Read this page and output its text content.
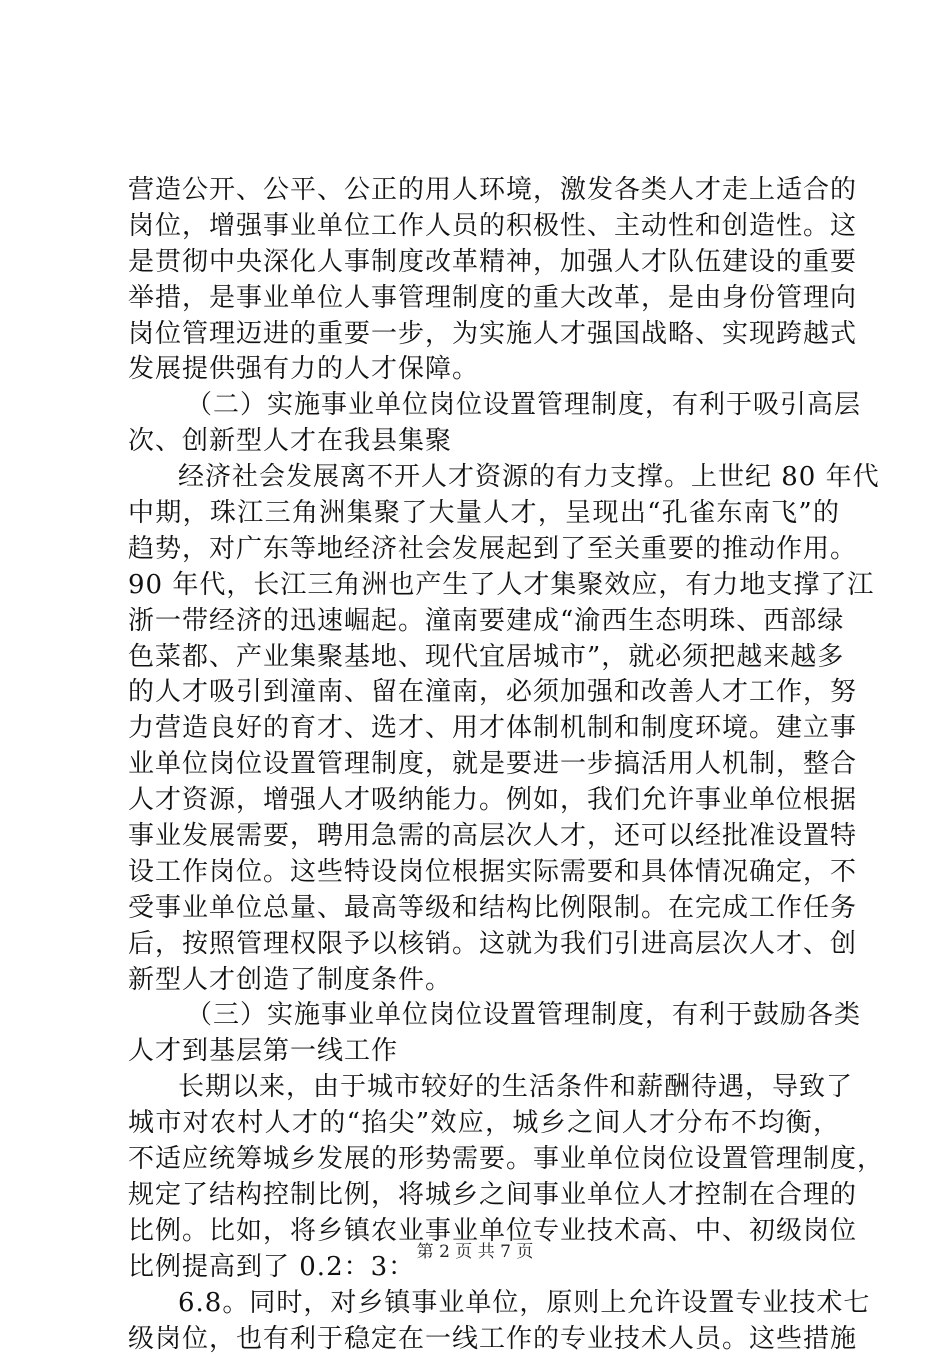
营造公开、公平、公正的用人环境，激发各类人才走上适合的
岗位，增强事业单位工作人员的积极性、主动性和创造性。这
是贯彻中央深化人事制度改革精神，加强人才队伍建设的重要
举措，是事业单位人事管理制度的重大改革，是由身份管理向
岗位管理迈进的重要一步，为实施人才强国战略、实现跨越式
发展提供强有力的人才保障。
（二）实施事业单位岗位设置管理制度，有利于吸引高层
次、创新型人才在我县集聚
经济社会发展离不开人才资源的有力支撑。上世纪 80 年代
中期，珠江三角洲集聚了大量人才，呈现出“孔雀东南飞”的
趋势，对广东等地经济社会发展起到了至关重要的推动作用。
90 年代，长江三角洲也产生了人才集聚效应，有力地支撑了江
浙一带经济的迅速崛起。潼南要建成“渝西生态明珠、西部绿
色菜都、产业集聚基地、现代宜居城市”，就必须把越来越多
的人才吸引到潼南、留在潼南，必须加强和改善人才工作，努
力营造良好的育才、选才、用才体制机制和制度环境。建立事
业单位岗位设置管理制度，就是要进一步搞活用人机制，整合
人才资源，增强人才吸纳能力。例如，我们允许事业单位根据
事业发展需要，聘用急需的高层次人才，还可以经批准设置特
设工作岗位。这些特设岗位根据实际需要和具体情况确定，不
受事业单位总量、最高等级和结构比例限制。在完成工作任务
后，按照管理权限予以核销。这就为我们引进高层次人才、创
新型人才创造了制度条件。
（三）实施事业单位岗位设置管理制度，有利于鼓励各类
人才到基层第一线工作
长期以来，由于城市较好的生活条件和薪酬待遇，导致了
城市对农村人才的“掐尖”效应，城乡之间人才分布不均衡，
不适应统筹城乡发展的形势需要。事业单位岗位设置管理制度，
规定了结构控制比例，将城乡之间事业单位人才控制在合理的
比例。比如，将乡镇农业事业单位专业技术高、中、初级岗位
比例提高到了 0.2：3：
6.8。同时，对乡镇事业单位，原则上允许设置专业技术七
级岗位，也有利于稳定在一线工作的专业技术人员。这些措施
第 2 页 共 7 页
